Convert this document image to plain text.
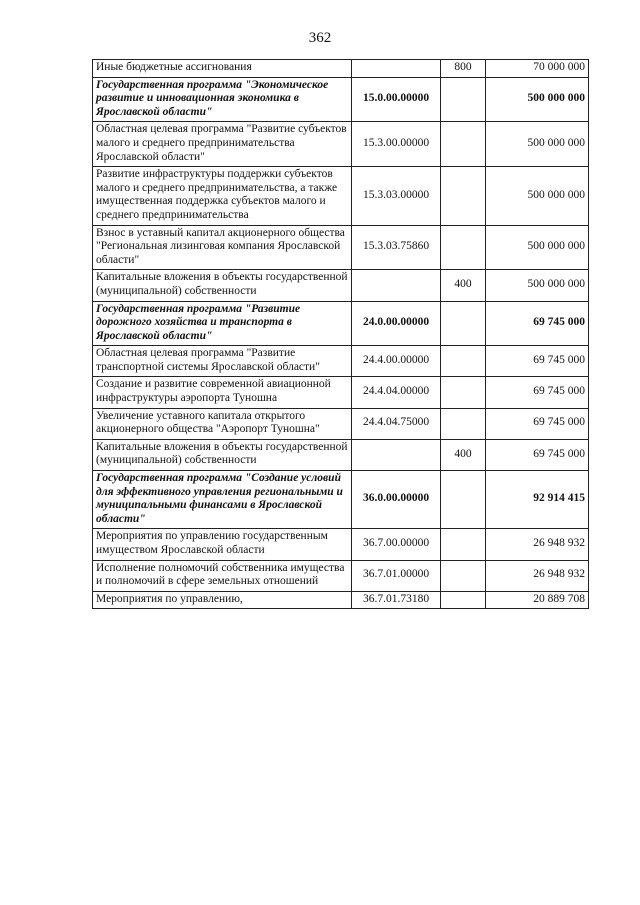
362
Иные бюджетные ассигнования		800	70 000 000
Государственная программа "Экономическое развитие и инновационная экономика в Ярославской области"	15.0.00.00000		500 000 000
Областная целевая программа "Развитие субъектов малого и среднего предпринимательства Ярославской области"	15.3.00.00000		500 000 000
Развитие инфраструктуры поддержки субъектов малого и среднего предпринимательства, а также имущественная поддержка субъектов малого и среднего предпринимательства	15.3.03.00000		500 000 000
Взнос в уставный капитал акционерного общества "Региональная лизинговая компания Ярославской области"	15.3.03.75860		500 000 000
Капитальные вложения в объекты государственной (муниципальной) собственности		400	500 000 000
Государственная программа "Развитие дорожного хозяйства и транспорта в Ярославской области"	24.0.00.00000		69 745 000
Областная целевая программа "Развитие транспортной системы Ярославской области"	24.4.00.00000		69 745 000
Создание и развитие современной авиационной инфраструктуры аэропорта Туношна	24.4.04.00000		69 745 000
Увеличение уставного капитала открытого акционерного общества "Аэропорт Туношна"	24.4.04.75000		69 745 000
Капитальные вложения в объекты государственной (муниципальной) собственности		400	69 745 000
Государственная программа "Создание условий для эффективного управления региональными и муниципальными финансами в Ярославской области"	36.0.00.00000		92 914 415
Мероприятия по управлению государственным имуществом Ярославской области	36.7.00.00000		26 948 932
Исполнение полномочий собственника имущества и полномочий в сфере земельных отношений	36.7.01.00000		26 948 932
Мероприятия по управлению,	36.7.01.73180		20 889 708
